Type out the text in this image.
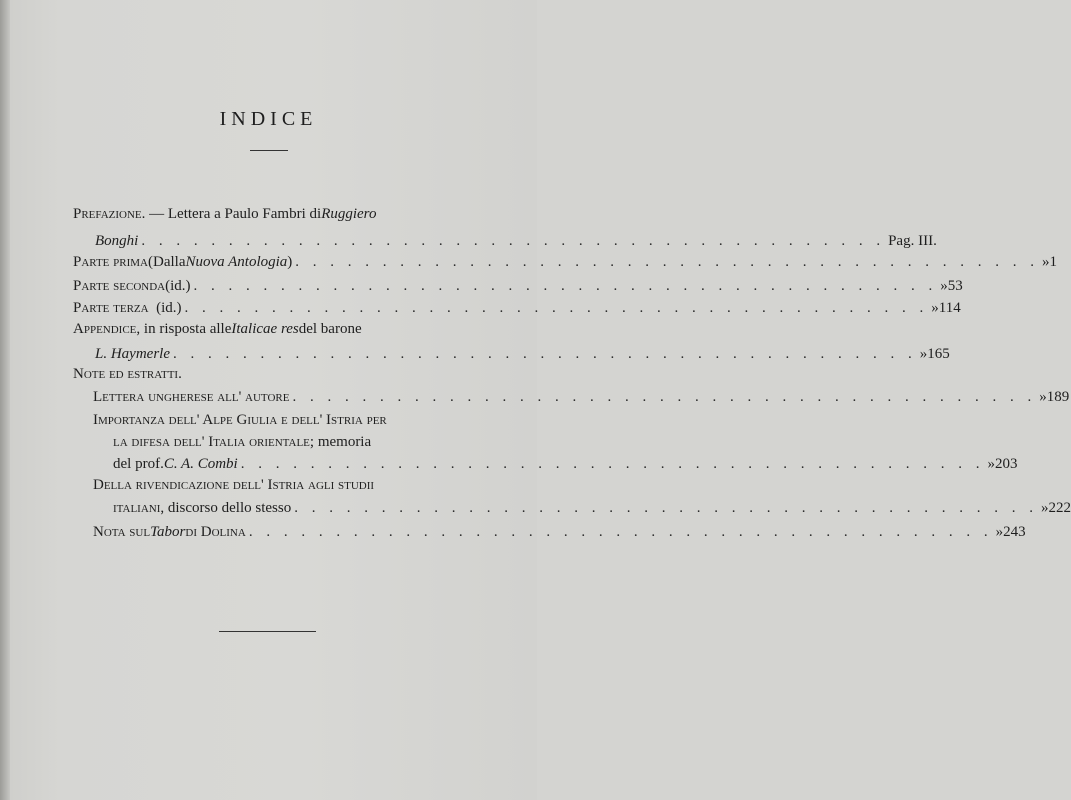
INDICE
Prefazione . — Lettera a Paulo Fambri di Ruggiero
Bonghi . . . . . . . . . . . . . . . . . . . . . . . . . . . . . . . . . . . . . . . . . . . Pag. III.
Parte prima (Dalla Nuova Antologia ) . . . . . . . . . . . . . . . . . . . . . . . . . . . . . . . . . . . . . . . . . . . » 1
Parte seconda (id.) . . . . . . . . . . . . . . . . . . . . . . . . . . . . . . . . . . . . . . . . . . . » 53
Parte terza (id.) . . . . . . . . . . . . . . . . . . . . . . . . . . . . . . . . . . . . . . . . . . . » 114
Appendice , in risposta alle Italicae res del barone
L. Haymerle . . . . . . . . . . . . . . . . . . . . . . . . . . . . . . . . . . . . . . . . . . . » 165
Note ed estratti .
Lettera ungherese all' autore . . . . . . . . . . . . . . . . . . . . . . . . . . . . . . . . . . . . . . . . . . . » 189
Importanza dell' Alpe Giulia e dell' Istria per
la difesa dell' Italia orientale ; memoria
del prof. C. A. Combi . . . . . . . . . . . . . . . . . . . . . . . . . . . . . . . . . . . . . . . . . . . » 203
Della rivendicazione dell' Istria agli studii
italiani , discorso dello stesso . . . . . . . . . . . . . . . . . . . . . . . . . . . . . . . . . . . . . . . . . . . » 222
Nota sul Tabor di Dolina . . . . . . . . . . . . . . . . . . . . . . . . . . . . . . . . . . . . . . . . . . . » 243
